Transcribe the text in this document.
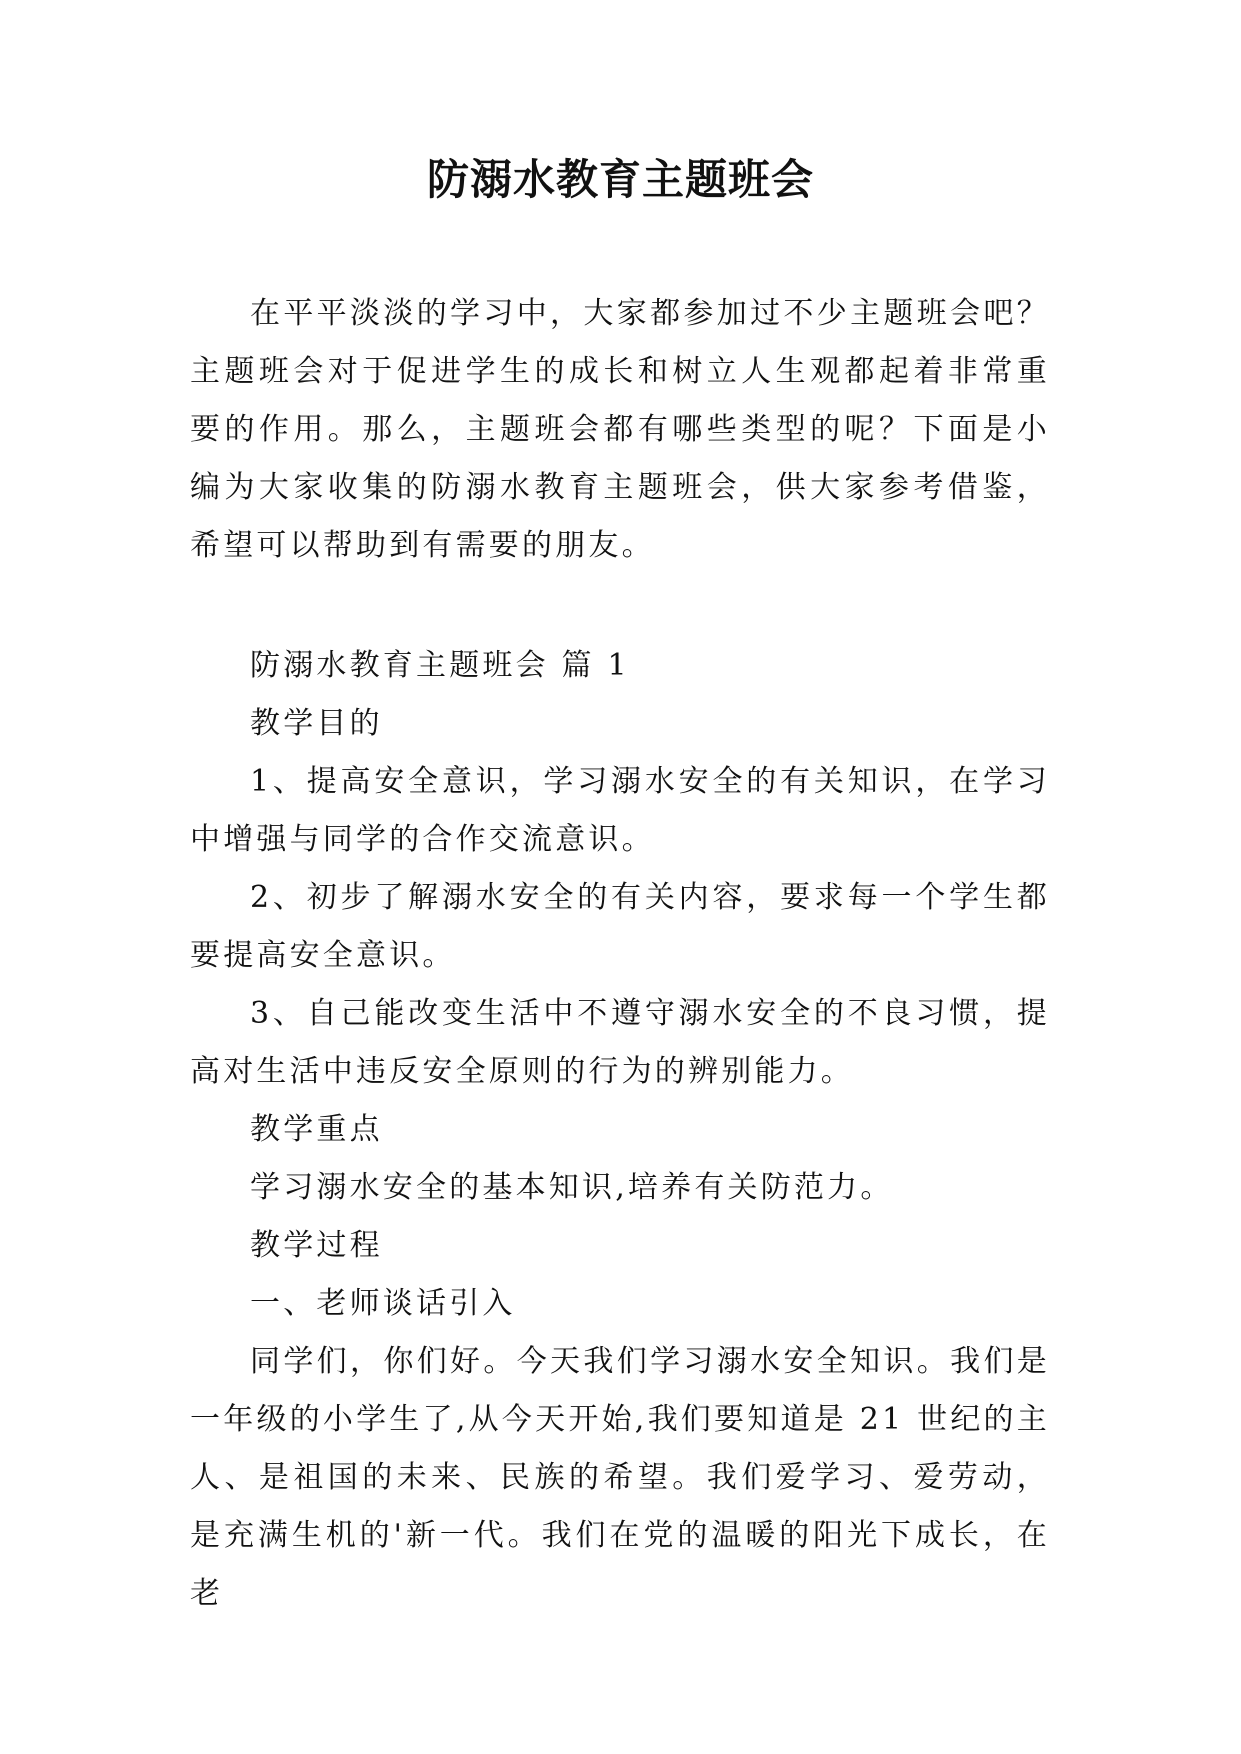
防溺水教育主题班会

在平平淡淡的学习中，大家都参加过不少主题班会吧？主题班会对于促进学生的成长和树立人生观都起着非常重要的作用。那么，主题班会都有哪些类型的呢？下面是小编为大家收集的防溺水教育主题班会，供大家参考借鉴，希望可以帮助到有需要的朋友。

防溺水教育主题班会 篇 1

教学目的

1、提高安全意识，学习溺水安全的有关知识，在学习中增强与同学的合作交流意识。

2、初步了解溺水安全的有关内容，要求每一个学生都要提高安全意识。

3、自己能改变生活中不遵守溺水安全的不良习惯，提高对生活中违反安全原则的行为的辨别能力。

教学重点

学习溺水安全的基本知识,培养有关防范力。

教学过程

一、老师谈话引入

同学们，你们好。今天我们学习溺水安全知识。我们是一年级的小学生了,从今天开始,我们要知道是 21 世纪的主人、是祖国的未来、民族的希望。我们爱学习、爱劳动，是充满生机的'新一代。我们在党的温暖的阳光下成长，在老
